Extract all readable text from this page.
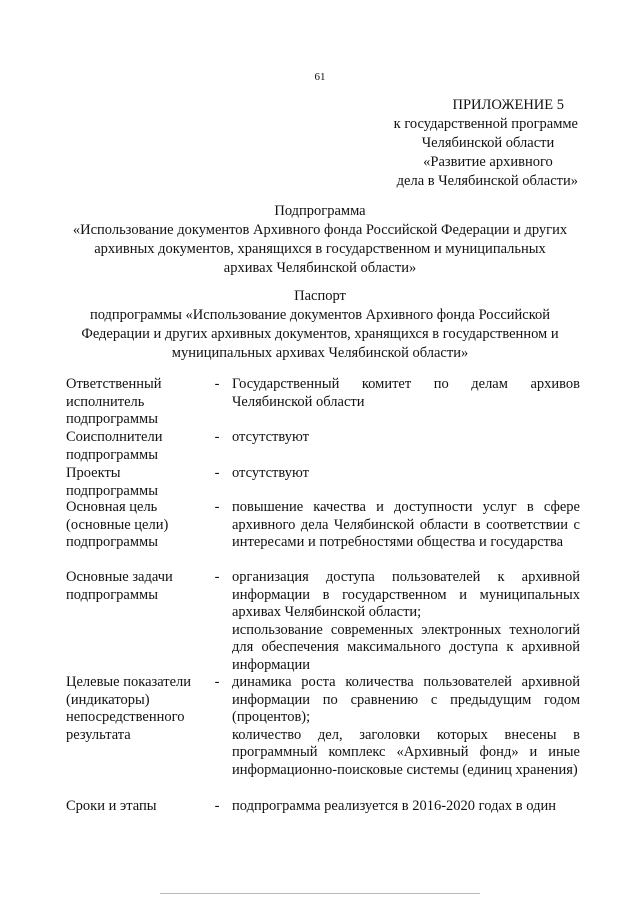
61
ПРИЛОЖЕНИЕ 5
к государственной программе
Челябинской области
«Развитие архивного
дела в Челябинской области»
Подпрограмма
«Использование документов Архивного фонда Российской Федерации и других
архивных документов, хранящихся в государственном и муниципальных
архивах Челябинской области»
Паспорт
подпрограммы «Использование документов Архивного фонда Российской
Федерации и других архивных документов, хранящихся в государственном и
муниципальных архивах Челябинской области»
Ответственный исполнитель подпрограммы
- Государственный комитет по делам архивов Челябинской области

Соисполнители подпрограммы
- отсутствуют

Проекты подпрограммы
- отсутствуют

Основная цель (основные цели) подпрограммы
- повышение качества и доступности услуг в сфере архивного дела Челябинской области в соответствии с интересами и потребностями общества и государства

Основные задачи подпрограммы
- организация доступа пользователей к архивной информации в государственном и муниципальных архивах Челябинской области;

использование современных электронных технологий для обеспечения максимального доступа к архивной информации

Целевые показатели (индикаторы) непосредственного результата
- динамика роста количества пользователей архивной информации по сравнению с предыдущим годом (процентов);

количество дел, заголовки которых внесены в программный комплекс «Архивный фонд» и иные информационно-поисковые системы (единиц хранения)

Сроки и этапы	- подпрограмма реализуется в 2016-2020 годах в один
